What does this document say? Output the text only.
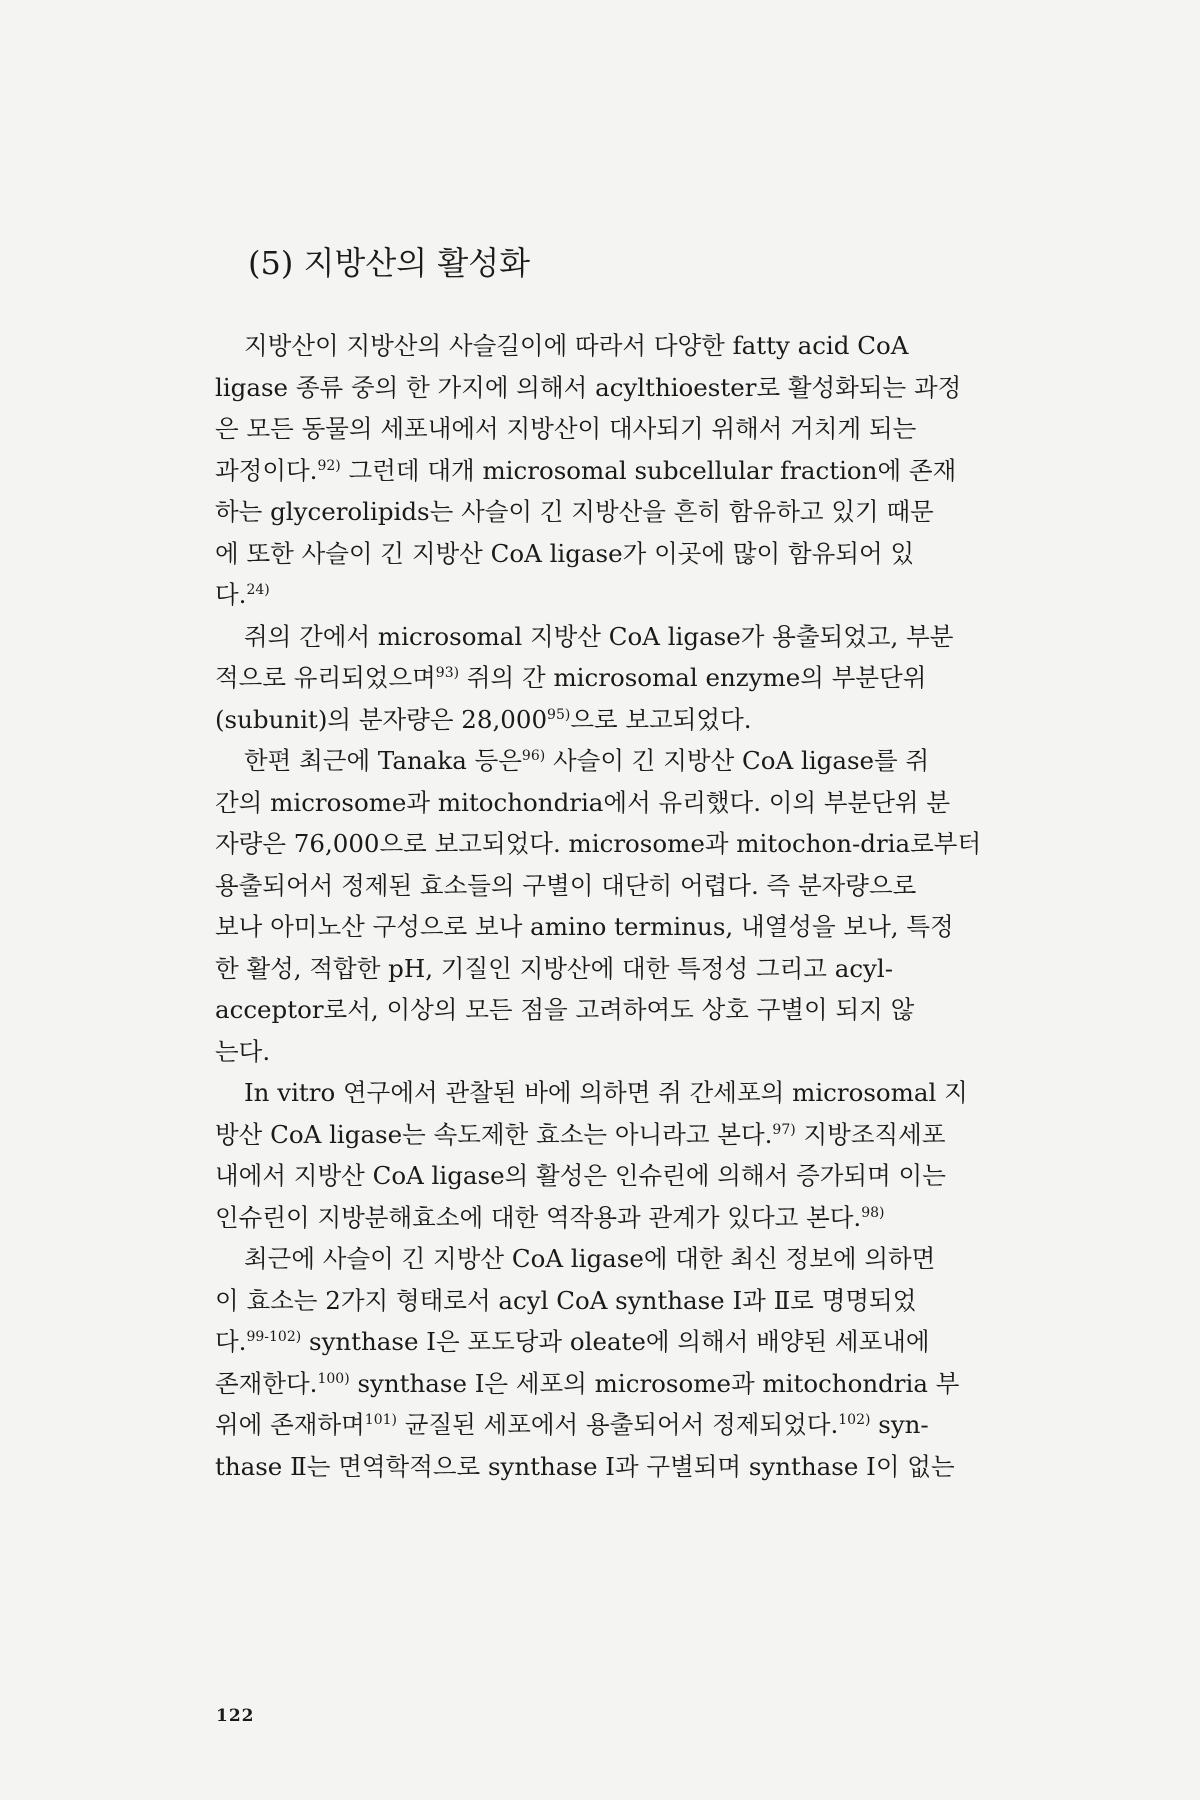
(5) 지방산의 활성화
지방산이 지방산의 사슬길이에 따라서 다양한 fatty acid CoA
ligase 종류 중의 한 가지에 의해서 acylthioester로 활성화되는 과정
은 모든 동물의 세포내에서 지방산이 대사되기 위해서 거치게 되는
과정이다.$^{92)}$ 그런데 대개 microsomal subcellular fraction에 존재
하는 glycerolipids는 사슬이 긴 지방산을 흔히 함유하고 있기 때문
에 또한 사슬이 긴 지방산 CoA ligase가 이곳에 많이 함유되어 있
다.$^{24)}$
쥐의 간에서 microsomal 지방산 CoA ligase가 용출되었고, 부분
적으로 유리되었으며$^{93)}$ 쥐의 간 microsomal enzyme의 부분단위
(subunit)의 분자량은 28,000$^{95)}$으로 보고되었다.
한편 최근에 Tanaka 등은$^{96)}$ 사슬이 긴 지방산 CoA ligase를 쥐
간의 microsome과 mitochondria에서 유리했다. 이의 부분단위 분
자량은 76,000으로 보고되었다. microsome과 mitochon-dria로부터
용출되어서 정제된 효소들의 구별이 대단히 어렵다. 즉 분자량으로
보나 아미노산 구성으로 보나 amino terminus, 내열성을 보나, 특정
한 활성, 적합한 pH, 기질인 지방산에 대한 특정성 그리고 acyl-
acceptor로서, 이상의 모든 점을 고려하여도 상호 구별이 되지 않
는다.
In vitro 연구에서 관찰된 바에 의하면 쥐 간세포의 microsomal 지
방산 CoA ligase는 속도제한 효소는 아니라고 본다.$^{97)}$ 지방조직세포
내에서 지방산 CoA ligase의 활성은 인슈린에 의해서 증가되며 이는
인슈린이 지방분해효소에 대한 역작용과 관계가 있다고 본다.$^{98)}$
최근에 사슬이 긴 지방산 CoA ligase에 대한 최신 정보에 의하면
이 효소는 2가지 형태로서 acyl CoA synthase Ⅰ과 Ⅱ로 명명되었
다.$^{99-102)}$ synthase Ⅰ은 포도당과 oleate에 의해서 배양된 세포내에
존재한다.$^{100)}$ synthase Ⅰ은 세포의 microsome과 mitochondria 부
위에 존재하며$^{101)}$ 균질된 세포에서 용출되어서 정제되었다.$^{102)}$ syn-
thase Ⅱ는 면역학적으로 synthase Ⅰ과 구별되며 synthase Ⅰ이 없는
122
